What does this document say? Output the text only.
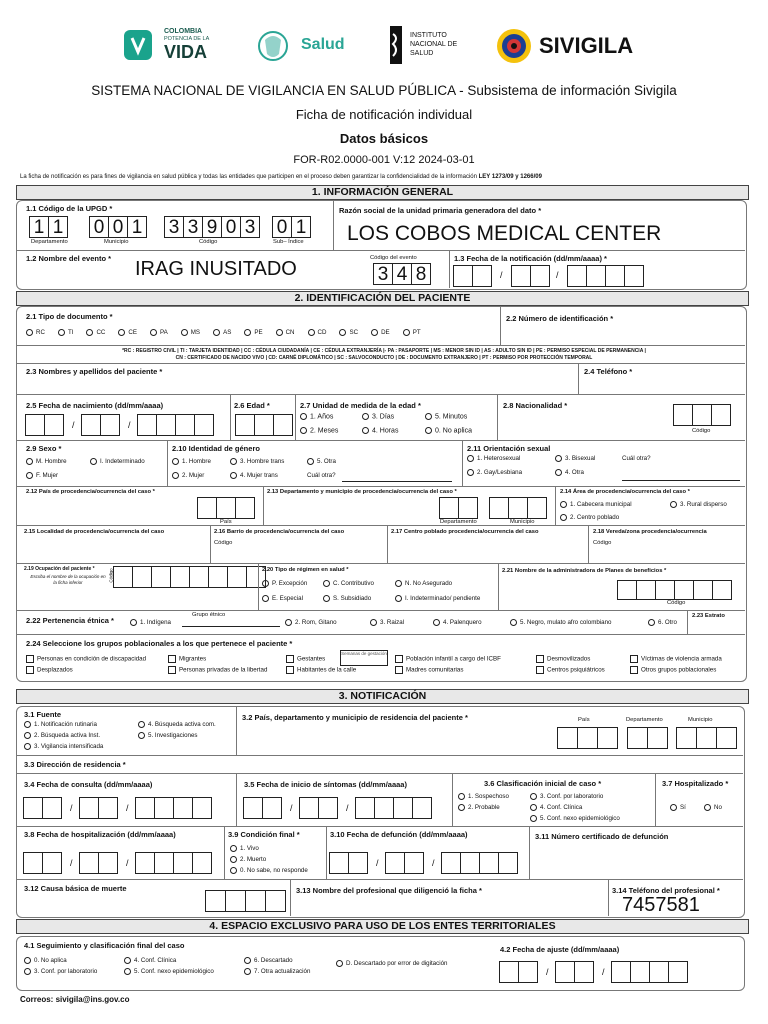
COLOMBIA
POTENCIA DE LA
VIDA	Salud
INSTITUTO
NACIONAL DE
SALUD	SIVIGILA
SISTEMA NACIONAL DE VIGILANCIA EN SALUD PÚBLICA - Subsistema de información Sivigila
Ficha de notificación individual
Datos básicos
FOR-R02.0000-001 V:12 2024-03-01
La ficha de notificación es para fines de vigilancia en salud pública y todas las entidades que participen en el proceso deben garantizar la confidencialidad de la información LEY 1273/09 y 1266/09
1. INFORMACIÓN GENERAL
1.1 Código de la UPGD *
1 1 0 0 1 3 3 9 0 3 0 1
Departamento	Municipio	Código	Sub– Índice
Razón social de la unidad primaria generadora del dato *
LOS COBOS MEDICAL CENTER
1.2 Nombre del evento * IRAG INUSITADO	Código del evento
3 4 8
1.3 Fecha de la notificación (dd/mm/aaaa) *
/	/
2. IDENTIFICACIÓN DEL PACIENTE
2.1 Tipo de documento *
RC	TI	CC	CE	PA	MS	AS	PE	CN	CD	SC	DE	PT
2.2 Número de identificación *
*RC : REGISTRO CIVIL | TI : TARJETA IDENTIDAD | CC : CÉDULA CIUDADANÍA | CE : CÉDULA EXTRANJERÍA |- PA : PASAPORTE | MS : MENOR SIN ID | AS : ADULTO SIN ID | PE : PERMISO ESPECIAL DE PERMANENCIA |
CN : CERTIFICADO DE NACIDO VIVO | CD: CARNÉ DIPLOMÁTICO | SC : SALVOCONDUCTO | DE : DOCUMENTO EXTRANJERO | PT : PERMISO POR PROTECCIÓN TEMPORAL
2.3 Nombres y apellidos del paciente *	2.4 Teléfono *
2.5 Fecha de nacimiento (dd/mm/aaaa)
/	/
2.6 Edad *	2.7 Unidad de medida de la edad *
1. Años	3. Días	5. Minutos
2. Meses	4. Horas	0. No aplica
2.8 Nacionalidad *
Código
2.9 Sexo *
M. Hombre	I. Indeterminado
F. Mujer
2.10 Identidad de género
1. Hombre	3. Hombre trans	5. Otra
2. Mujer	4. Mujer trans	Cuál otra?
2.11 Orientación sexual
1. Heterosexual	3. Bisexual	Cuál otra?
2. Gay/Lesbiana	4. Otra
2.12 País de procedencia/ocurrencia del caso *
País
2.13 Departamento y municipio de procedencia/ocurrencia del caso *
Departamento	Municipio
2.14 Área de procedencia/ocurrencia del caso *
1. Cabecera municipal	3. Rural disperso
2. Centro poblado
2.15 Localidad de procedencia/ocurrencia del caso	2.16 Barrio de procedencia/ocurrencia del caso
Código
2.17 Centro poblado procedencia/ocurrencia del caso	2.18 Vereda/zona procedencia/ocurrencia
Código
2.19 Ocupación del paciente *
Escriba el nombre de la ocupación en la ficha inferior	Código	2.20 Tipo de régimen en salud *
P. Excepción	C. Contributivo	N. No Asegurado
E. Especial	S. Subsidiado	I. Indeterminado/ pendiente
2.21 Nombre de la administradora de Planes de beneficios *
Código
2.22 Pertenencia étnica *
Grupo étnico
1. Indígena	2. Rom, Gitano	3. Raizal	4. Palenquero	5. Negro, mulato afro colombiano	6. Otro
2.23 Estrato
2.24 Seleccione los grupos poblacionales a los que pertenece el paciente *
Semanas de gestación
Personas en condición de discapacidad	Migrantes	Gestantes	Población infantil a cargo del ICBF	Desmovilizados	Víctimas de violencia armada
Desplazados	Personas privadas de la libertad	Habitantes de la calle	Madres comunitarias	Centros psiquiátricos	Otros grupos poblacionales
3. NOTIFICACIÓN
3.1 Fuente
1. Notificación rutinaria	4. Búsqueda activa com.
2. Búsqueda activa Inst.	5. Investigaciones
3. Vigilancia intensificada
3.2 País, departamento y municipio de residencia del paciente *	País	Departamento	Municipio
3.3 Dirección de residencia *
3.4 Fecha de consulta (dd/mm/aaaa)
/	/
3.5 Fecha de inicio de síntomas (dd/mm/aaaa)
/	/
3.6 Clasificación inicial de caso *
1. Sospechoso	3. Conf. por laboratorio
2. Probable	4. Conf. Clínica
5. Conf. nexo epidemiológico
3.7 Hospitalizado *
Sí	No
3.8 Fecha de hospitalización (dd/mm/aaaa)
/	/
3.9 Condición final *
1. Vivo
2. Muerto
0. No sabe, no responde
3.10 Fecha de defunción (dd/mm/aaaa)
/	/
3.11 Número certificado de defunción
3.12 Causa básica de muerte	3.13 Nombre del profesional que diligenció la ficha *	3.14 Teléfono del profesional *
7457581
4. ESPACIO EXCLUSIVO PARA USO DE LOS ENTES TERRITORIALES
4.1 Seguimiento y clasificación final del caso
0. No aplica	4. Conf. Clínica	6. Descartado	D. Descartado por error de digitación
3. Conf. por laboratorio	5. Conf. nexo epidemiológico	7. Otra actualización
4.2 Fecha de ajuste (dd/mm/aaaa)
/	/
Correos: sivigila@ins.gov.co
